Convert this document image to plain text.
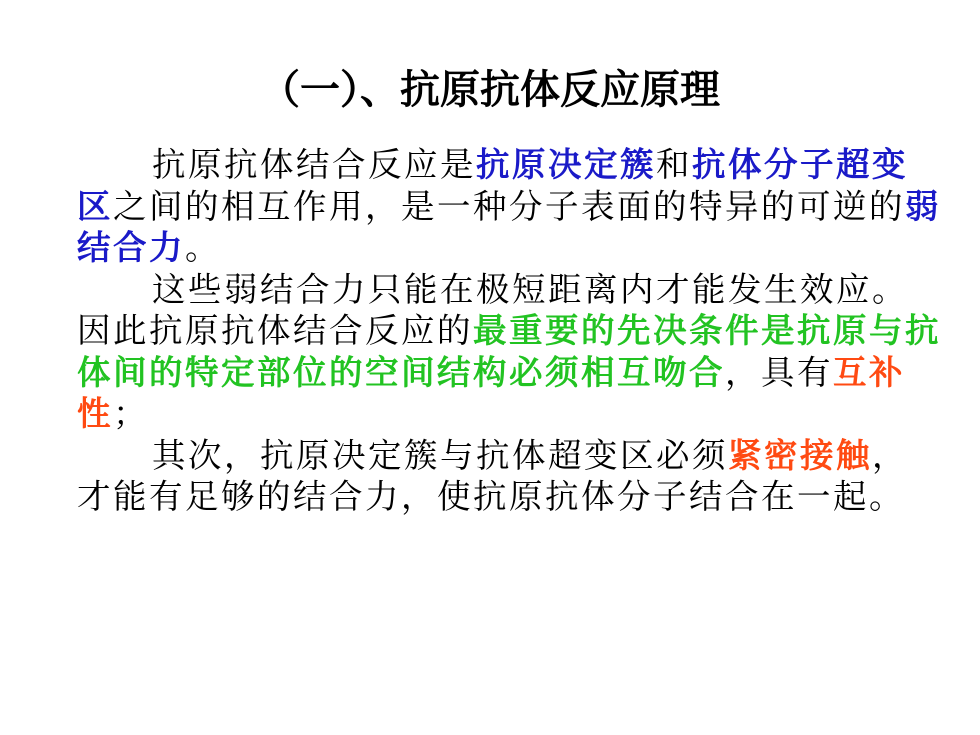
（一）、抗原抗体反应原理

抗原抗体结合反应是抗原决定簇和抗体分子超变区之间的相互作用，是一种分子表面的特异的可逆的弱结合力。

这些弱结合力只能在极短距离内才能发生效应。因此抗原抗体结合反应的最重要的先决条件是抗原与抗体间的特定部位的空间结构必须相互吻合，具有互补性；

其次，抗原决定簇与抗体超变区必须紧密接触，才能有足够的结合力，使抗原抗体分子结合在一起。
